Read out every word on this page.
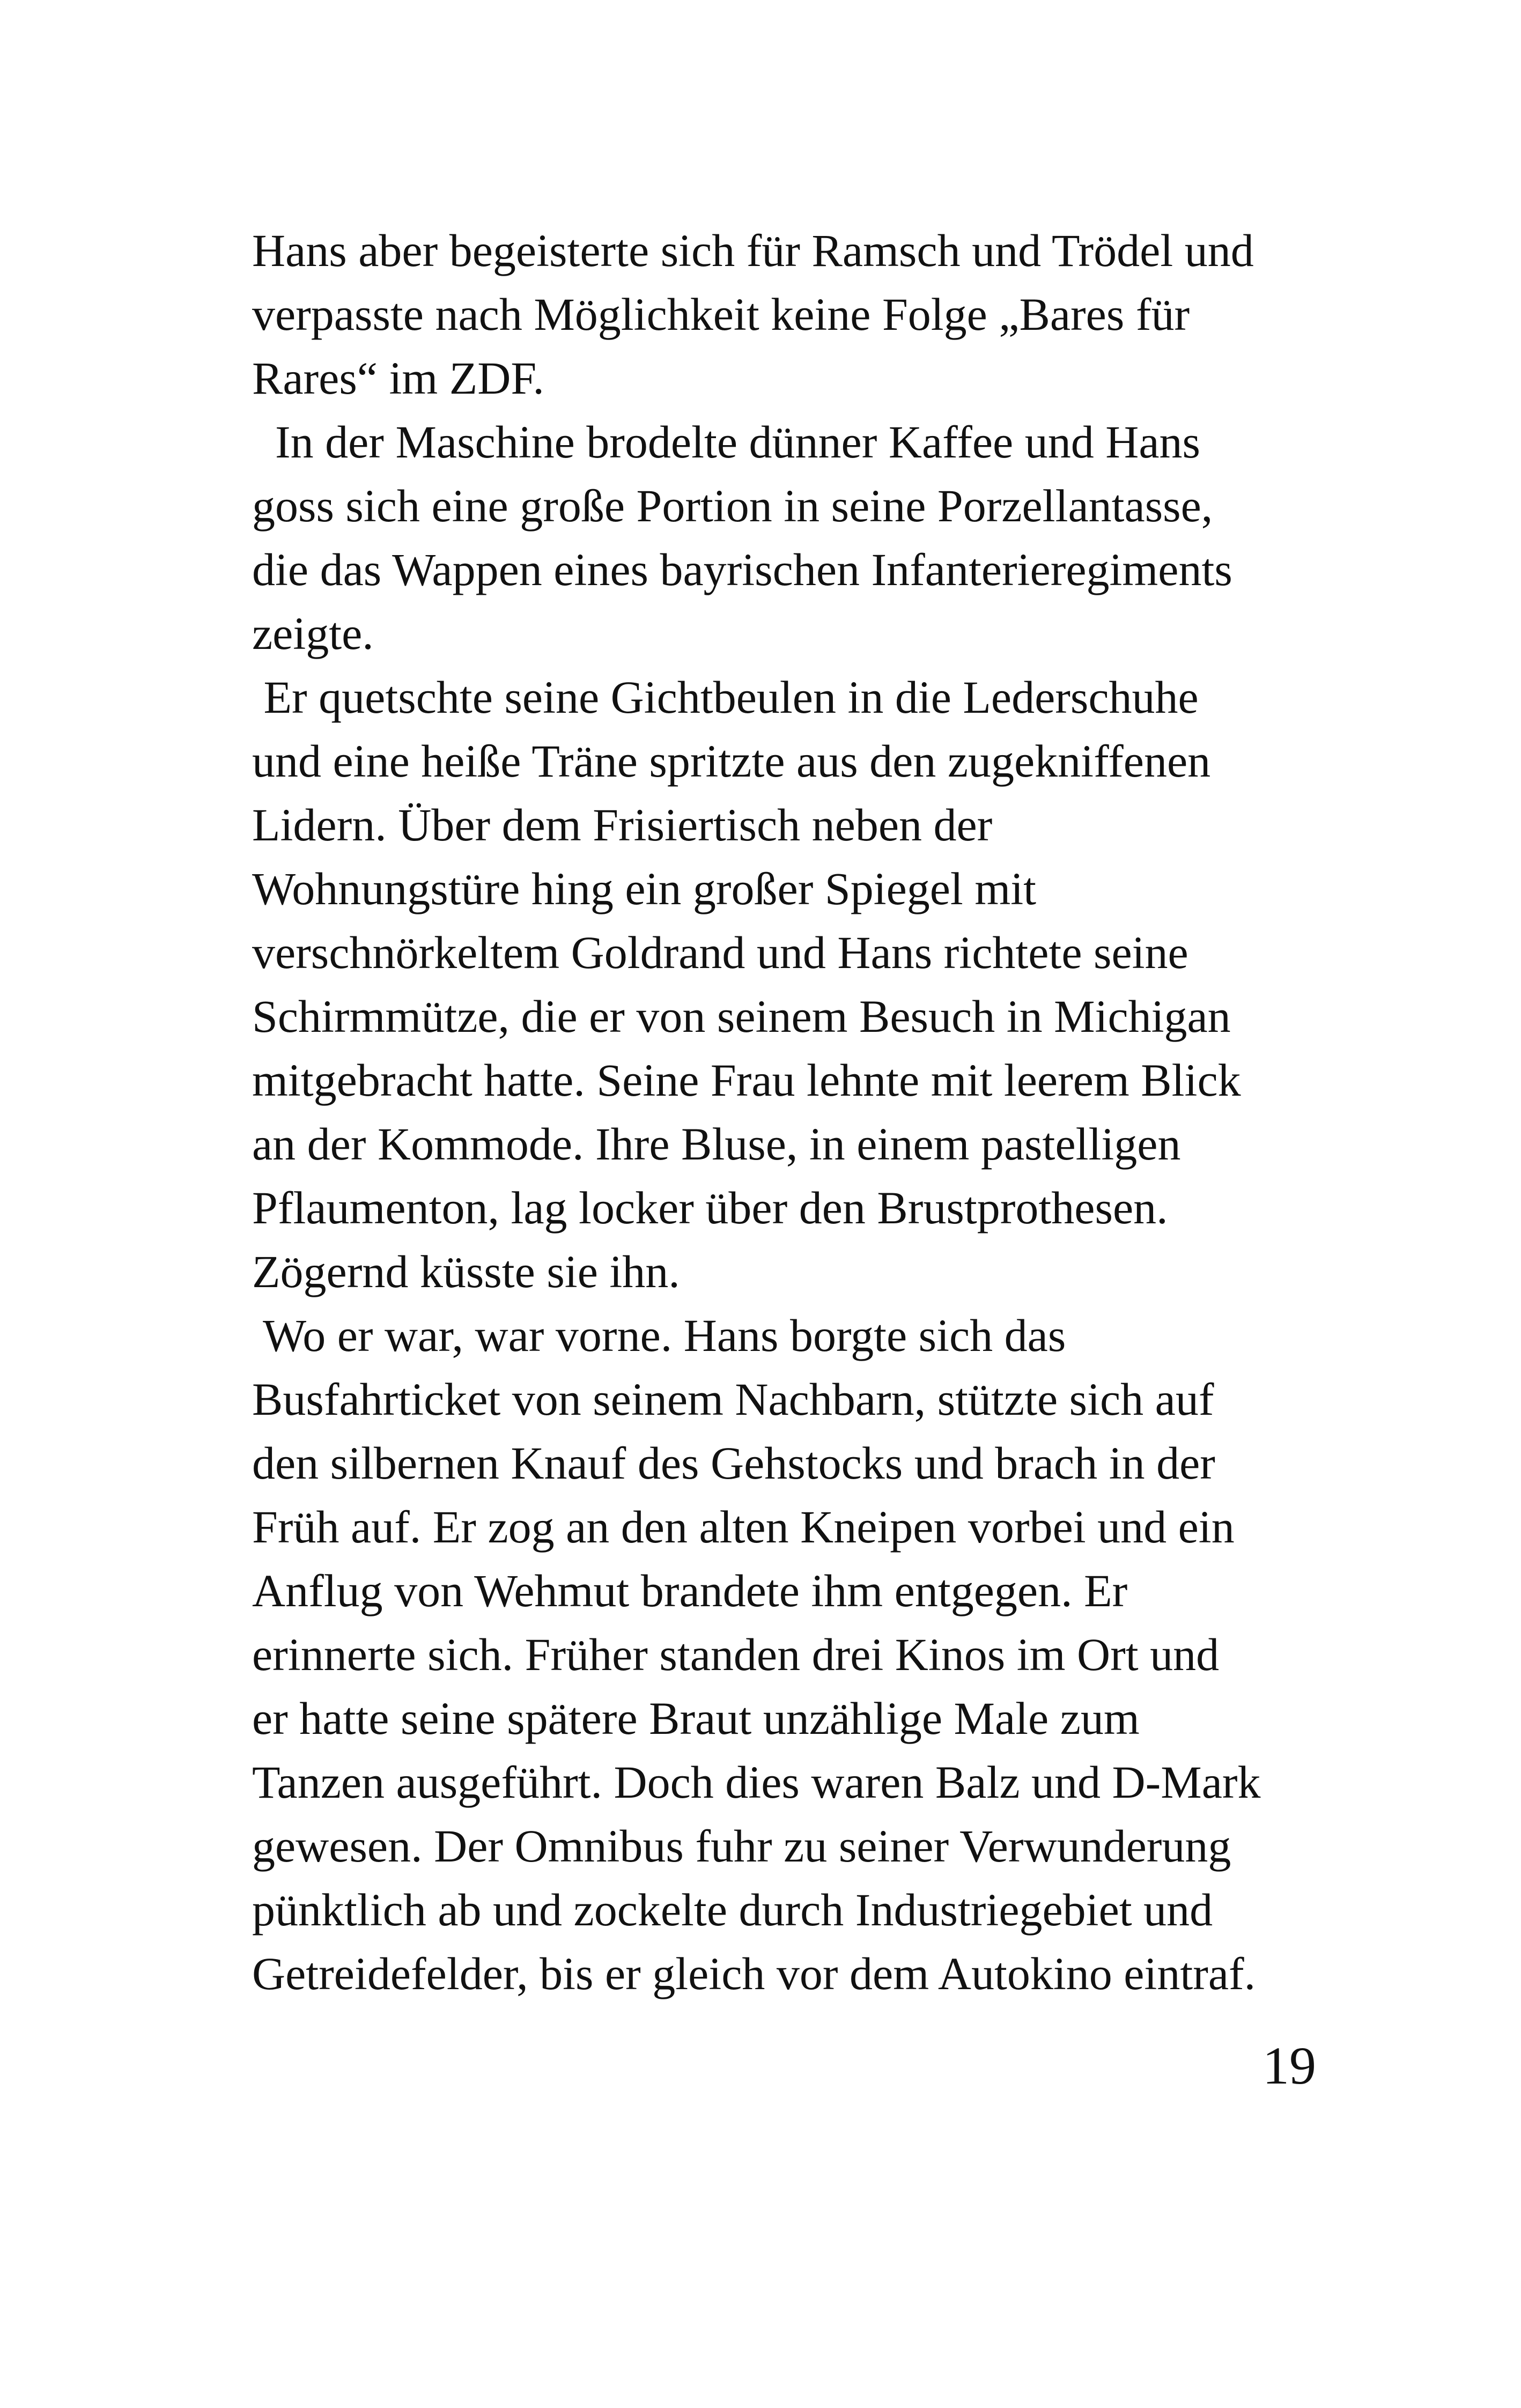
Hans aber begeisterte sich für Ramsch und Trödel und
verpasste nach Möglichkeit keine Folge „Bares für
Rares“ im ZDF.
In der Maschine brodelte dünner Kaffee und Hans
goss sich eine große Portion in seine Porzellantasse,
die das Wappen eines bayrischen Infanterieregiments
zeigte.
Er quetschte seine Gichtbeulen in die Lederschuhe
und eine heiße Träne spritzte aus den zugekniffenen
Lidern. Über dem Frisiertisch neben der
Wohnungstüre hing ein großer Spiegel mit
verschnörkeltem Goldrand und Hans richtete seine
Schirmmütze, die er von seinem Besuch in Michigan
mitgebracht hatte. Seine Frau lehnte mit leerem Blick
an der Kommode. Ihre Bluse, in einem pastelligen
Pflaumenton, lag locker über den Brustprothesen.
Zögernd küsste sie ihn.
Wo er war, war vorne. Hans borgte sich das
Busfahrticket von seinem Nachbarn, stützte sich auf
den silbernen Knauf des Gehstocks und brach in der
Früh auf. Er zog an den alten Kneipen vorbei und ein
Anflug von Wehmut brandete ihm entgegen. Er
erinnerte sich. Früher standen drei Kinos im Ort und
er hatte seine spätere Braut unzählige Male zum
Tanzen ausgeführt. Doch dies waren Balz und D-Mark
gewesen. Der Omnibus fuhr zu seiner Verwunderung
pünktlich ab und zockelte durch Industriegebiet und
Getreidefelder, bis er gleich vor dem Autokino eintraf.
19
